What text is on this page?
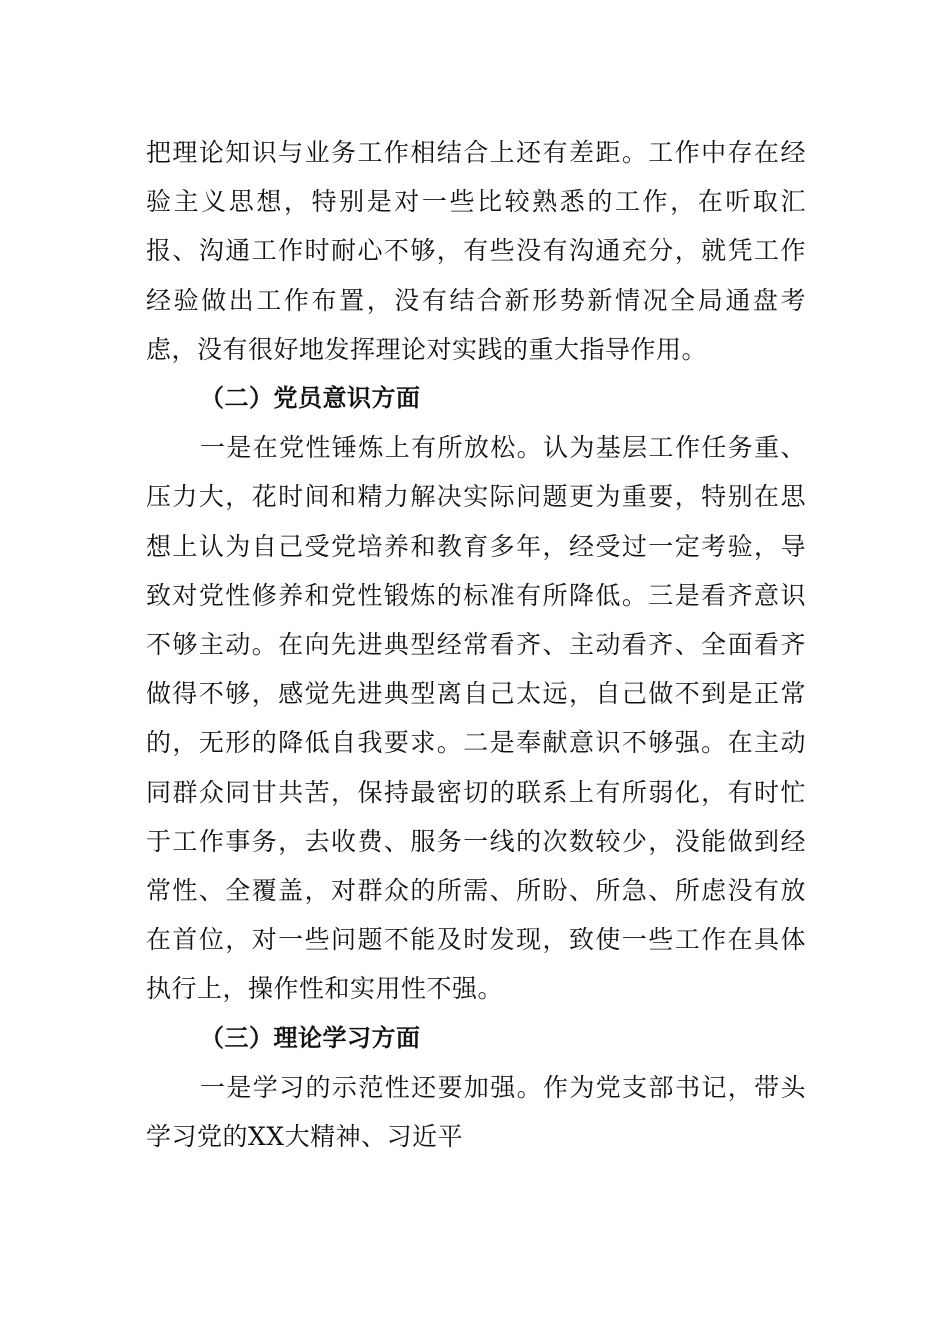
把理论知识与业务工作相结合上还有差距。工作中存在经验主义思想，特别是对一些比较熟悉的工作，在听取汇报、沟通工作时耐心不够，有些没有沟通充分，就凭工作经验做出工作布置，没有结合新形势新情况全局通盘考虑，没有很好地发挥理论对实践的重大指导作用。

（二）党员意识方面

一是在党性锤炼上有所放松。认为基层工作任务重、压力大，花时间和精力解决实际问题更为重要，特别在思想上认为自己受党培养和教育多年，经受过一定考验，导致对党性修养和党性锻炼的标准有所降低。三是看齐意识不够主动。在向先进典型经常看齐、主动看齐、全面看齐做得不够，感觉先进典型离自己太远，自己做不到是正常的，无形的降低自我要求。二是奉献意识不够强。在主动同群众同甘共苦，保持最密切的联系上有所弱化，有时忙于工作事务，去收费、服务一线的次数较少，没能做到经常性、全覆盖，对群众的所需、所盼、所急、所虑没有放在首位，对一些问题不能及时发现，致使一些工作在具体执行上，操作性和实用性不强。

（三）理论学习方面

一是学习的示范性还要加强。作为党支部书记，带头学习党的XX大精神、习近平
